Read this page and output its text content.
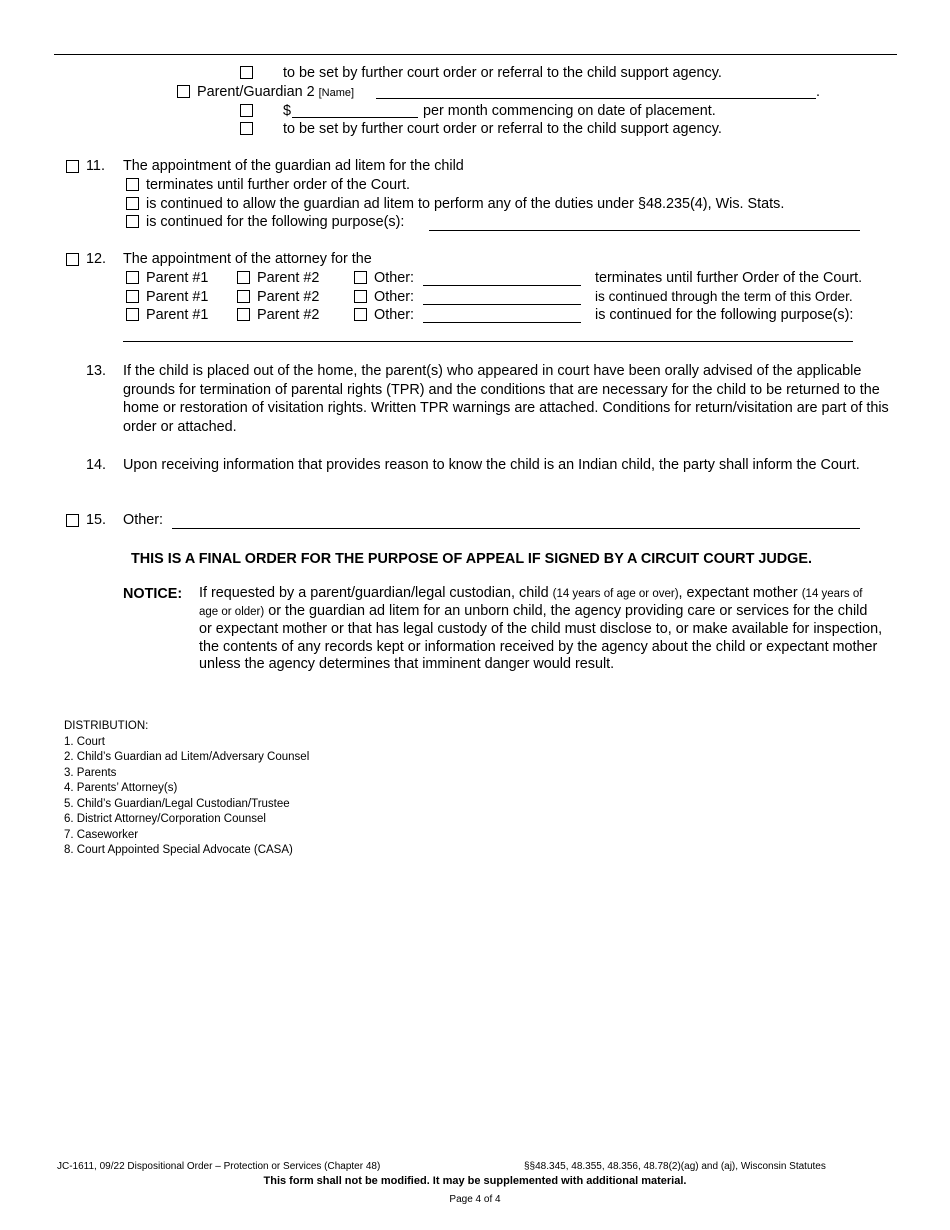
to be set by further court order or referral to the child support agency.
Parent/Guardian 2 [Name]	.
$	per month commencing on date of placement.
to be set by further court order or referral to the child support agency.
11. The appointment of the guardian ad litem for the child
terminates until further order of the Court.
is continued to allow the guardian ad litem to perform any of the duties under §48.235(4), Wis. Stats.
is continued for the following purpose(s):
12. The appointment of the attorney for the
Parent #1	Parent #2	Other:	terminates until further Order of the Court.
Parent #1	Parent #2	Other:	is continued through the term of this Order.
Parent #1	Parent #2	Other:	is continued for the following purpose(s):
13. If the child is placed out of the home, the parent(s) who appeared in court have been orally advised of the applicable grounds for termination of parental rights (TPR) and the conditions that are necessary for the child to be returned to the home or restoration of visitation rights. Written TPR warnings are attached. Conditions for return/visitation are part of this order or attached.
14. Upon receiving information that provides reason to know the child is an Indian child, the party shall inform the Court.
15. Other:
THIS IS A FINAL ORDER FOR THE PURPOSE OF APPEAL IF SIGNED BY A CIRCUIT COURT JUDGE.
NOTICE: If requested by a parent/guardian/legal custodian, child (14 years of age or over), expectant mother (14 years of age or older) or the guardian ad litem for an unborn child, the agency providing care or services for the child or expectant mother or that has legal custody of the child must disclose to, or make available for inspection, the contents of any records kept or information received by the agency about the child or expectant mother unless the agency determines that imminent danger would result.
DISTRIBUTION:
1. Court
2. Child’s Guardian ad Litem/Adversary Counsel
3. Parents
4. Parents’ Attorney(s)
5. Child’s Guardian/Legal Custodian/Trustee
6. District Attorney/Corporation Counsel
7. Caseworker
8. Court Appointed Special Advocate (CASA)
JC-1611, 09/22 Dispositional Order – Protection or Services (Chapter 48)	§§48.345, 48.355, 48.356, 48.78(2)(ag) and (aj), Wisconsin Statutes
This form shall not be modified. It may be supplemented with additional material.
Page 4 of 4
